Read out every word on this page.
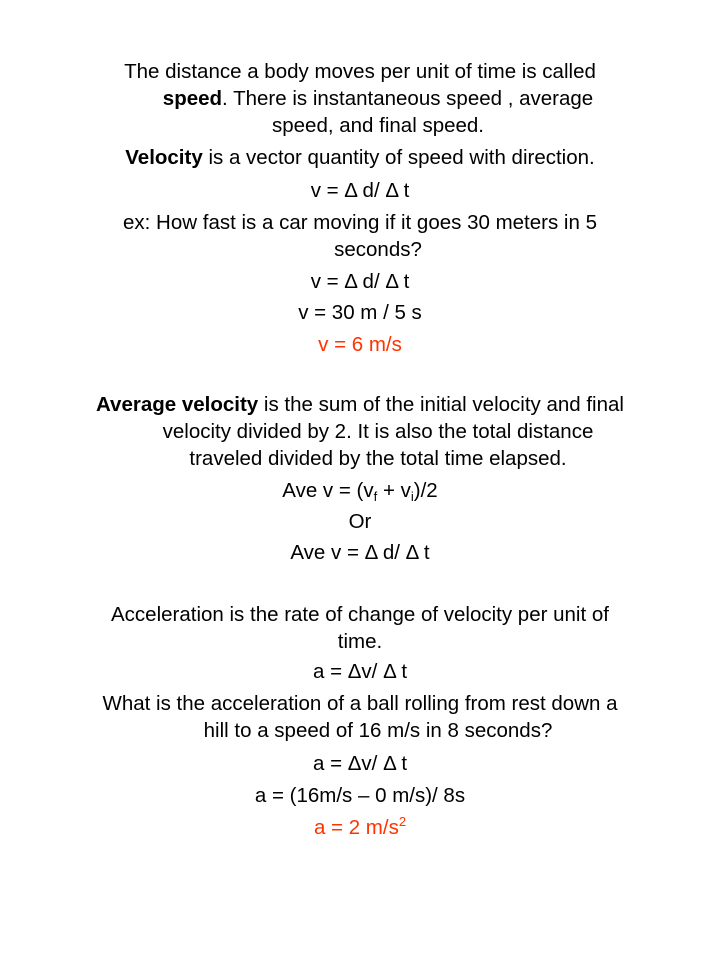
The distance a body moves per unit of time is called
speed. There is instantaneous speed , average
speed, and final speed.
Velocity is a vector quantity of speed with direction.
v = Δ d/ Δ t
ex: How fast is a car moving if it goes 30 meters in 5
seconds?
v = Δ d/ Δ t
v = 30 m / 5 s
v = 6 m/s
Average velocity is the sum of the initial velocity and final
velocity divided by 2. It is also the total distance
traveled divided by the total time elapsed.
Ave $v = (v_f + v_i)/2$
Or
Ave v = Δ d/ Δ t
Acceleration is the rate of change of velocity per unit of
time.
a = Δv/ Δ t
What is the acceleration of a ball rolling from rest down a
hill to a speed of 16 m/s in 8 seconds?
a = Δv/ Δ t
a = (16m/s – 0 m/s)/ 8s
a = 2 $m/s^2$
